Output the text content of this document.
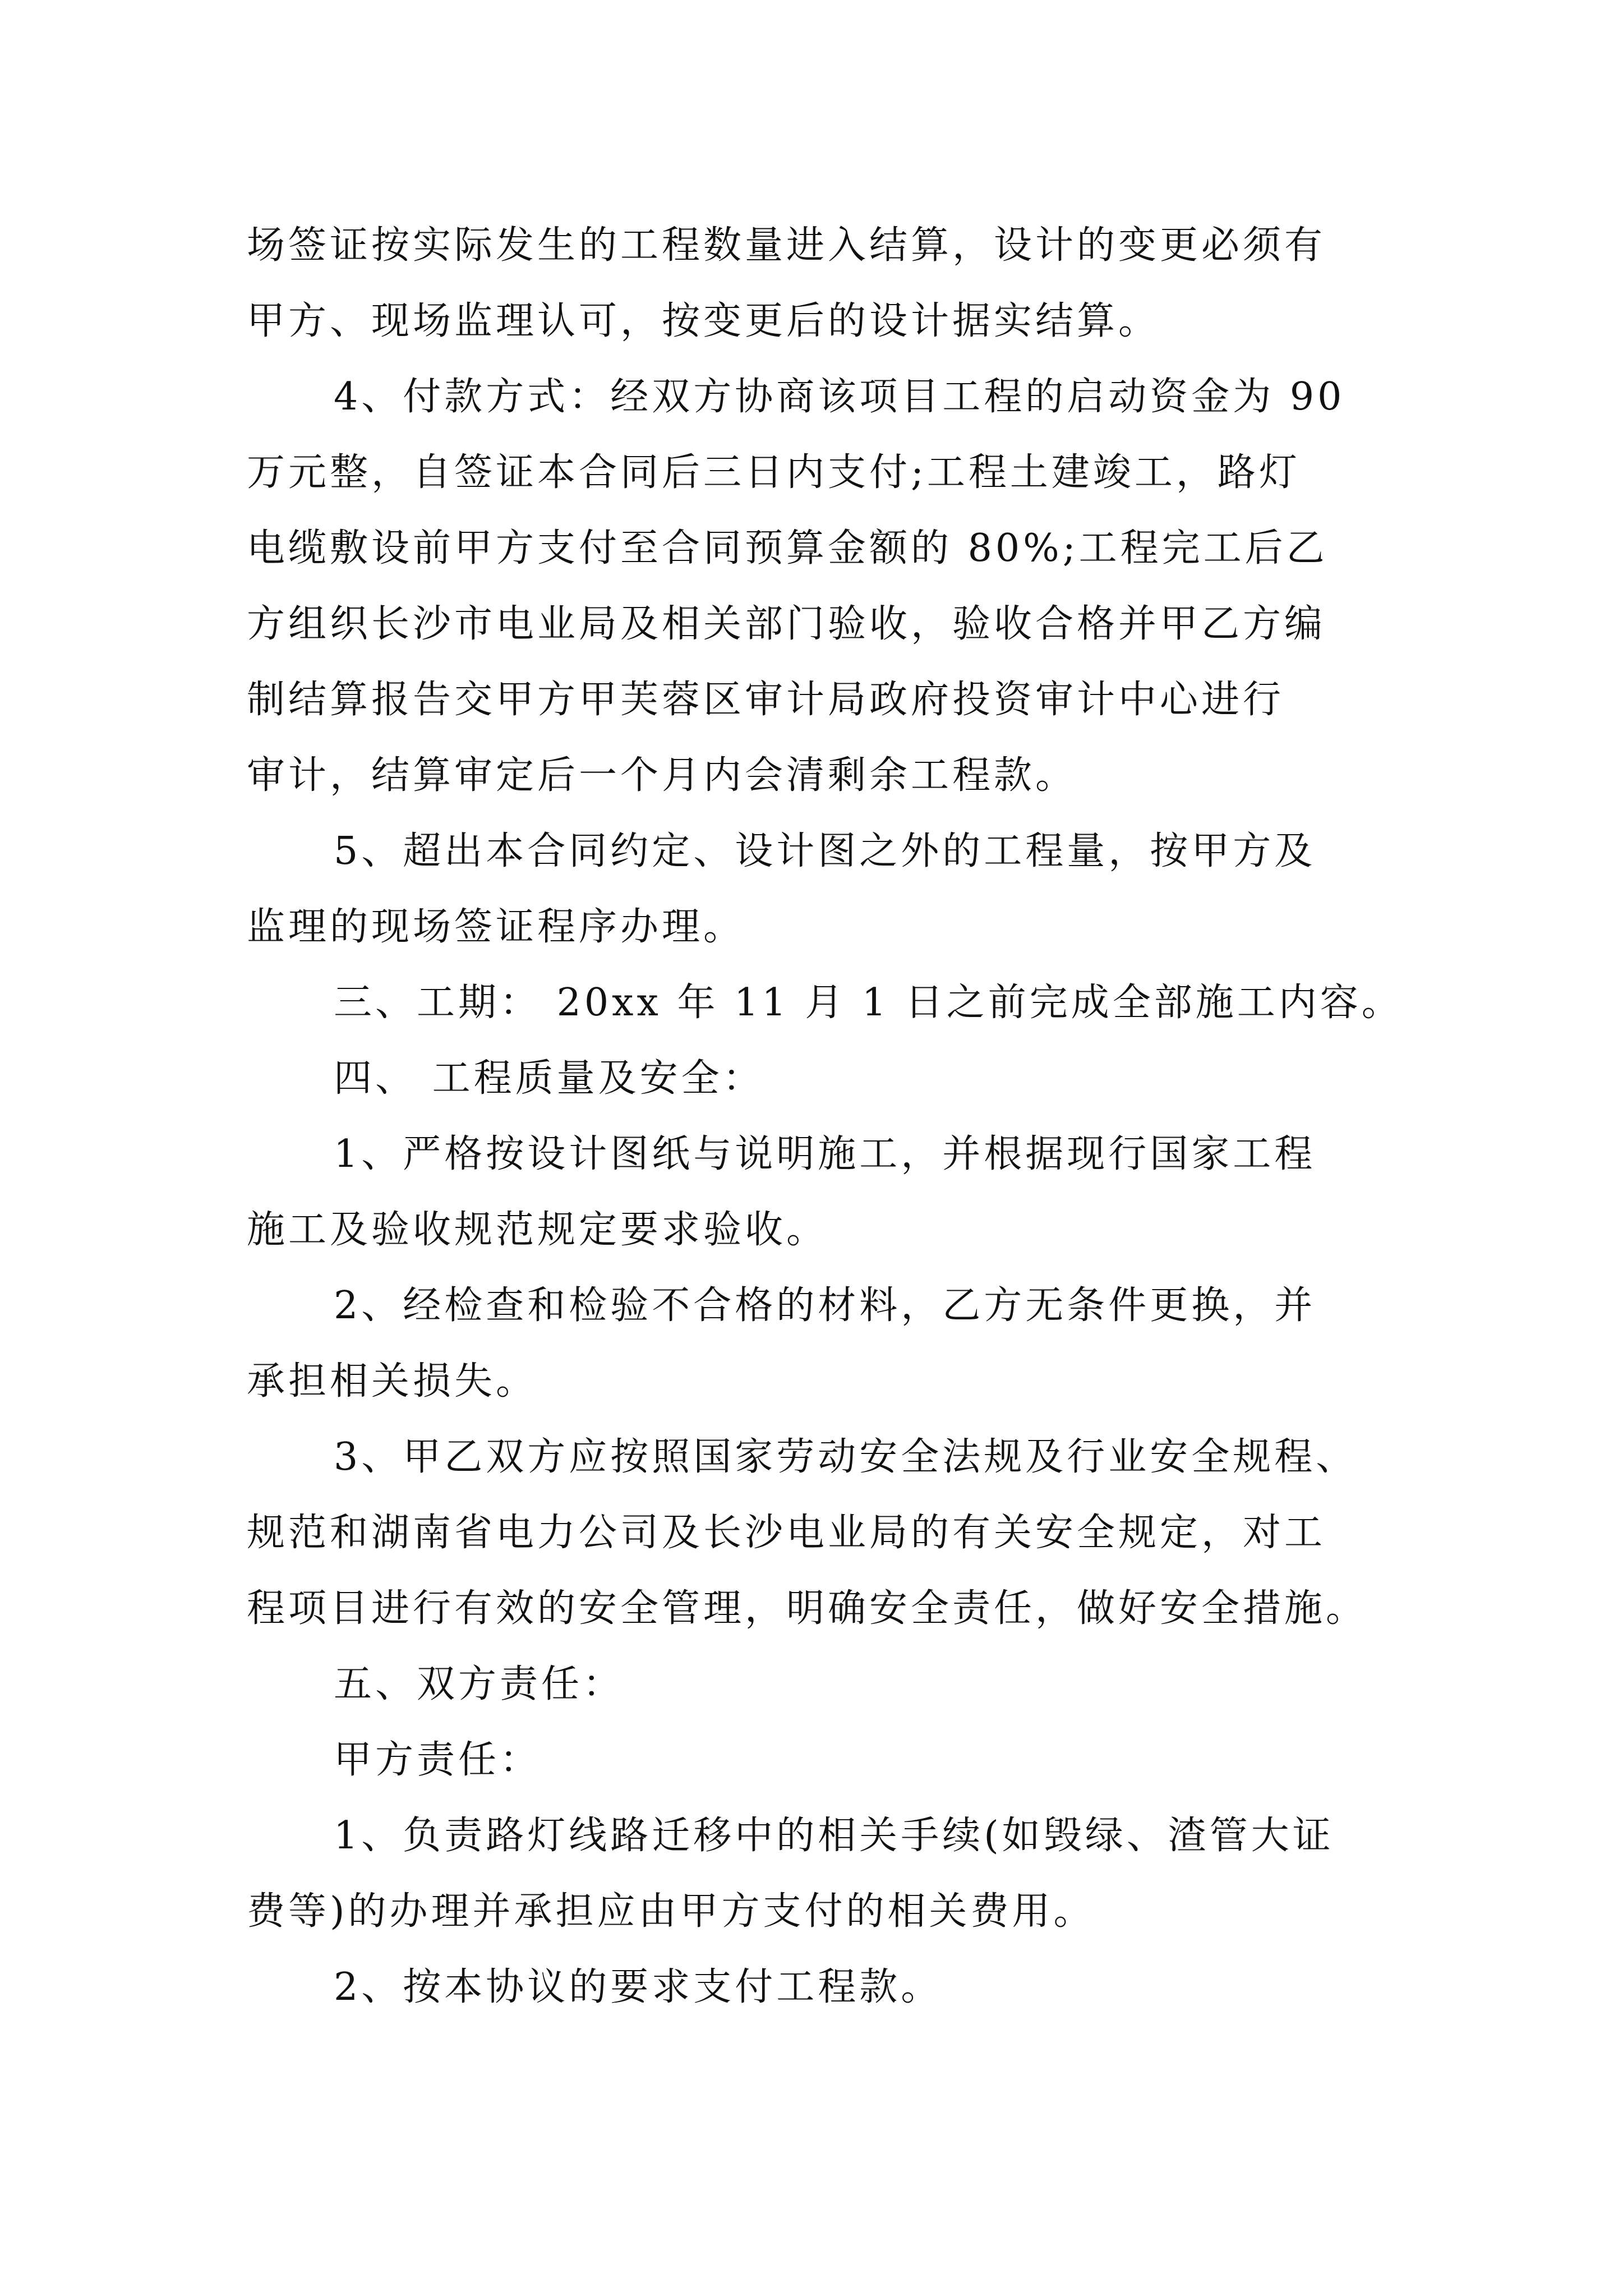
场签证按实际发生的工程数量进入结算，设计的变更必须有
甲方、现场监理认可，按变更后的设计据实结算。
4、付款方式：经双方协商该项目工程的启动资金为 90
万元整，自签证本合同后三日内支付;工程土建竣工，路灯
电缆敷设前甲方支付至合同预算金额的 80%;工程完工后乙
方组织长沙市电业局及相关部门验收，验收合格并甲乙方编
制结算报告交甲方甲芙蓉区审计局政府投资审计中心进行
审计，结算审定后一个月内会清剩余工程款。
5、超出本合同约定、设计图之外的工程量，按甲方及
监理的现场签证程序办理。
三、工期： 20xx 年 11 月 1 日之前完成全部施工内容。
四、 工程质量及安全：
1、严格按设计图纸与说明施工，并根据现行国家工程
施工及验收规范规定要求验收。
2、经检查和检验不合格的材料，乙方无条件更换，并
承担相关损失。
3、甲乙双方应按照国家劳动安全法规及行业安全规程、
规范和湖南省电力公司及长沙电业局的有关安全规定，对工
程项目进行有效的安全管理，明确安全责任，做好安全措施。
五、双方责任：
甲方责任：
1、负责路灯线路迁移中的相关手续(如毁绿、渣管大证
费等)的办理并承担应由甲方支付的相关费用。
2、按本协议的要求支付工程款。
